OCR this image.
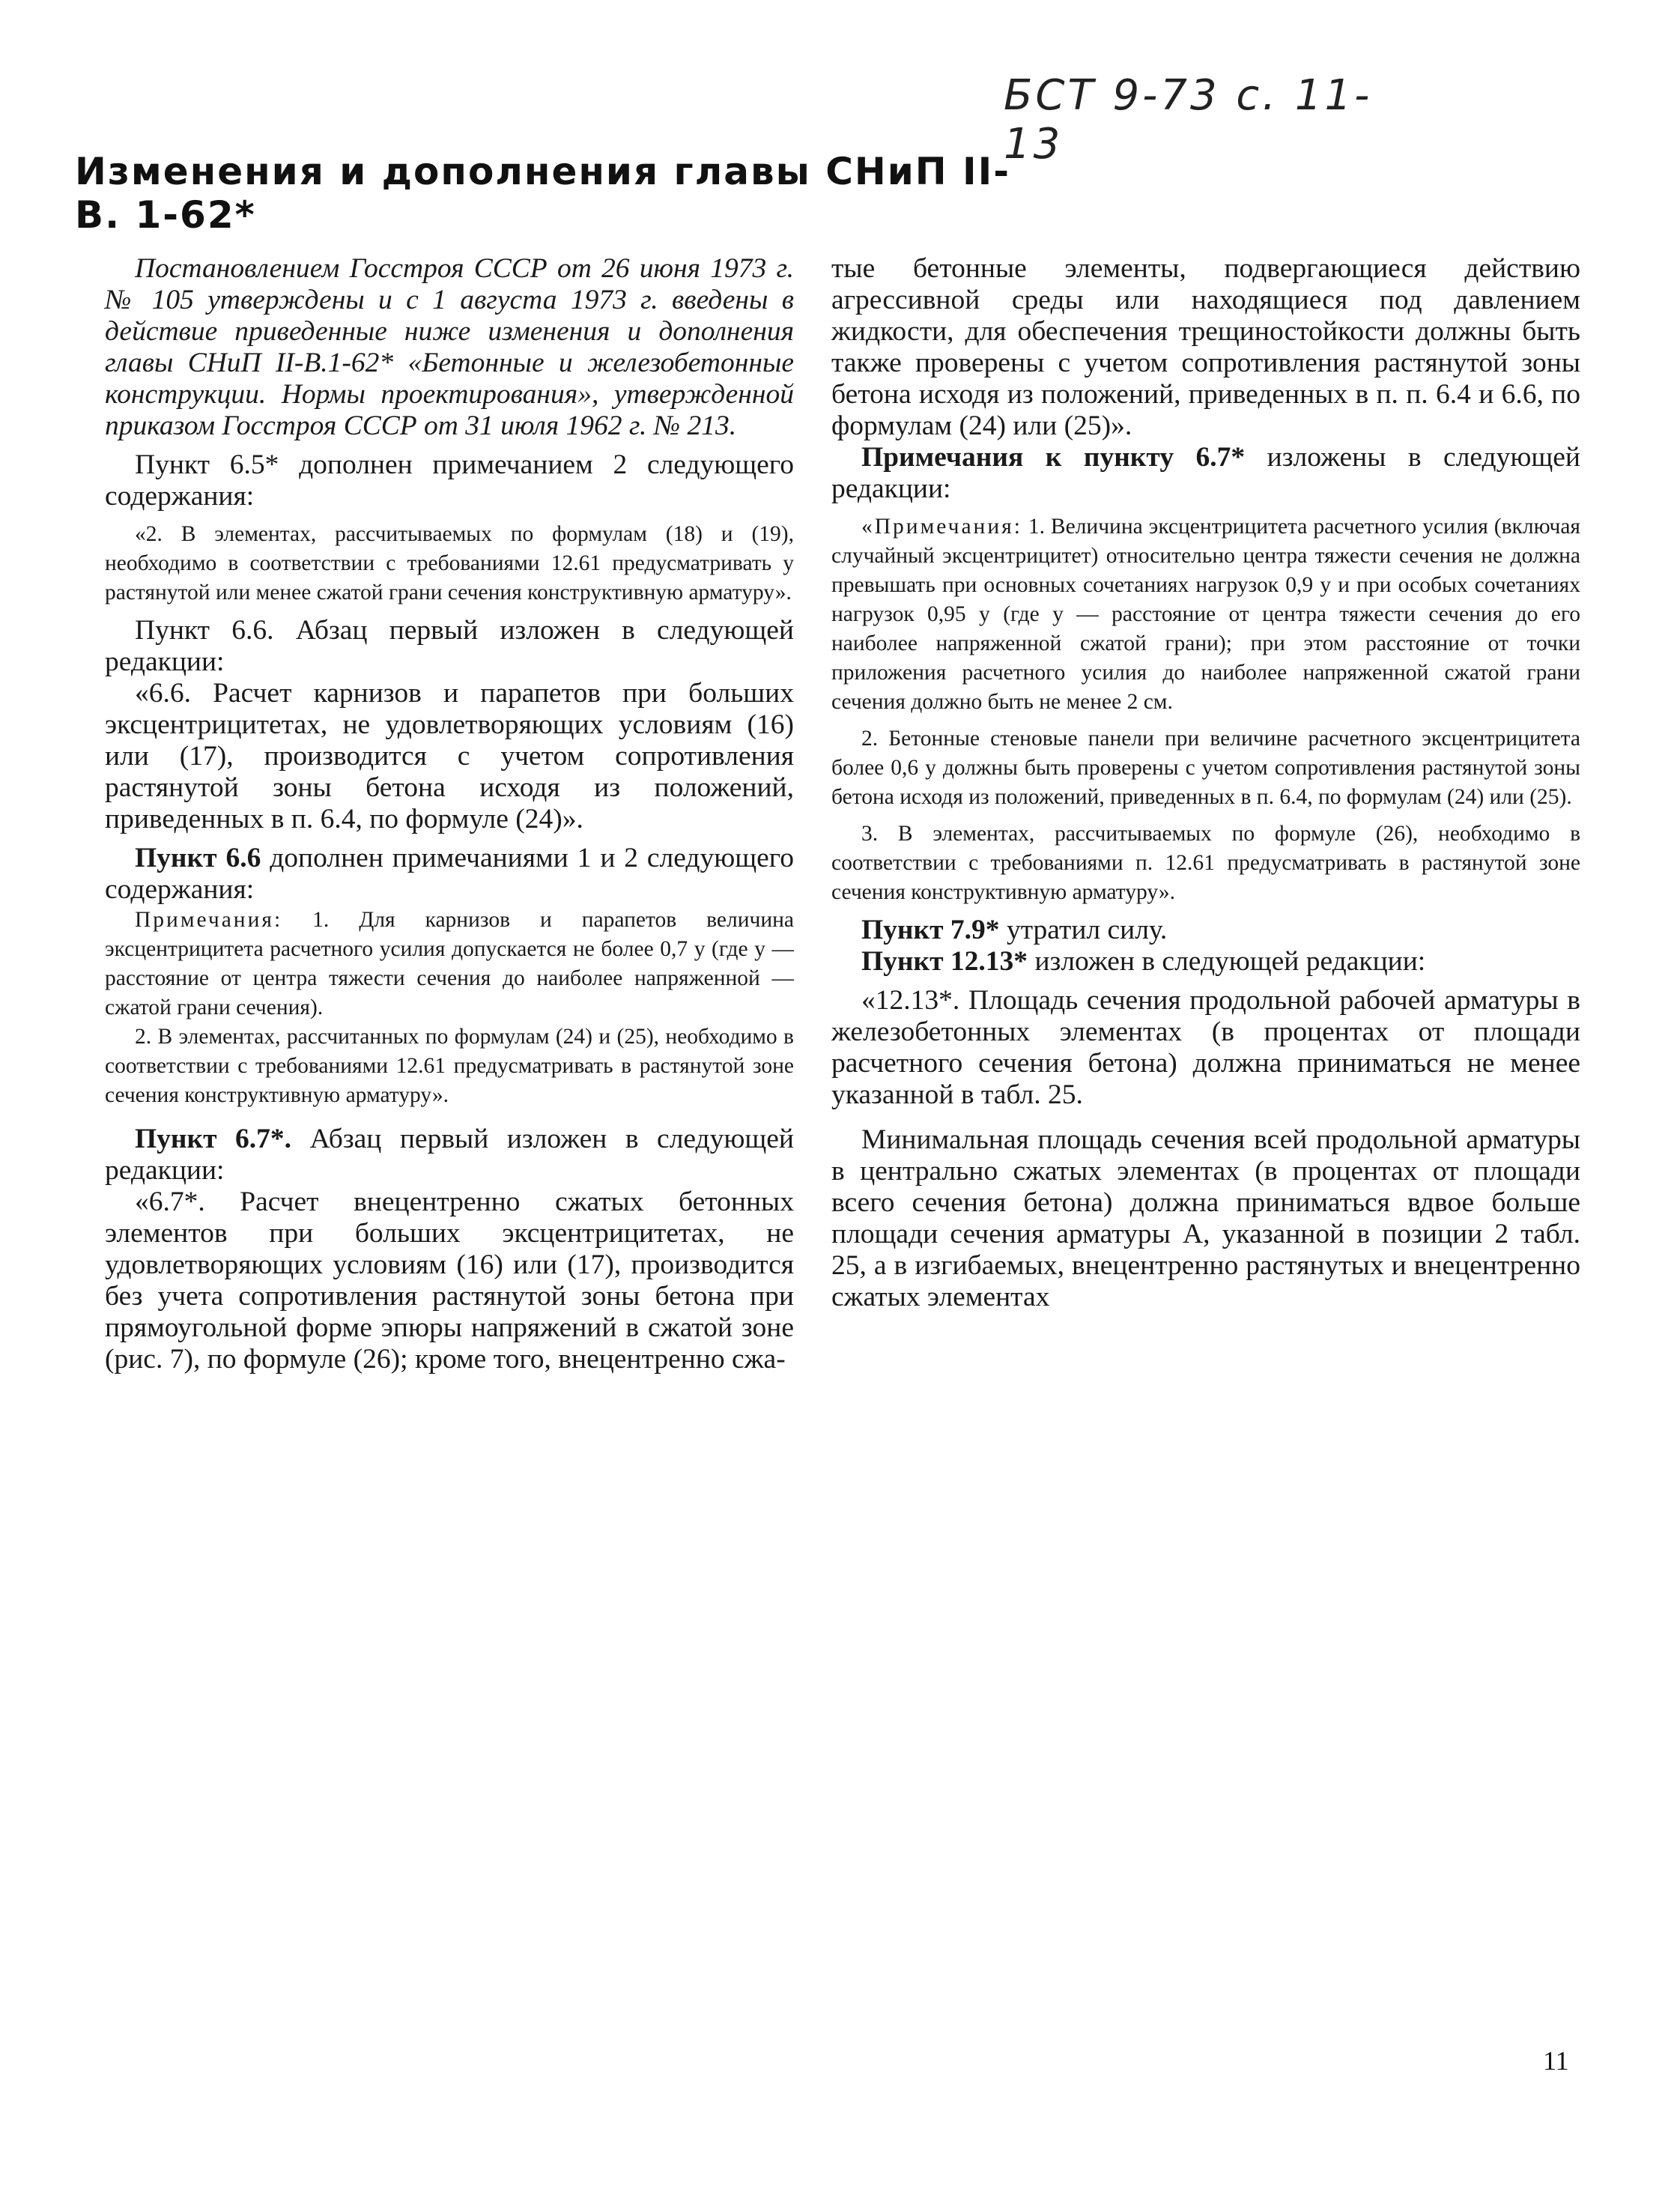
БСТ 9-73 с. 11-13
Изменения и дополнения главы СНиП II-В. 1-62*

Постановлением Госстроя СССР от 26 июня 1973 г. № 105 утверждены и с 1 августа 1973 г. введены в действие приведенные ниже изменения и дополнения главы СНиП II-В.1-62* «Бетонные и железобетонные конструкции. Нормы проектирования», утвержденной приказом Госстроя СССР от 31 июля 1962 г. № 213.

Пункт 6.5* дополнен примечанием 2 следующего содержания:

«2. В элементах, рассчитываемых по формулам (18) и (19), необходимо в соответствии с требованиями 12.61 предусматривать у растянутой или менее сжатой грани сечения конструктивную арматуру».

Пункт 6.6. Абзац первый изложен в следующей редакции:

«6.6. Расчет карнизов и парапетов при больших эксцентрицитетах, не удовлетворяющих условиям (16) или (17), производится с учетом сопротивления растянутой зоны бетона исходя из положений, приведенных в п. 6.4, по формуле (24)».

Пункт 6.6 дополнен примечаниями 1 и 2 следующего содержания:

Примечания: 1. Для карнизов и парапетов величина эксцентрицитета расчетного усилия допускается не более 0,7 у (где у — расстояние от центра тяжести сечения до наиболее напряженной — сжатой грани сечения).

2. В элементах, рассчитанных по формулам (24) и (25), необходимо в соответствии с требованиями 12.61 предусматривать в растянутой зоне сечения конструктивную арматуру».

Пункт 6.7*. Абзац первый изложен в следующей редакции:

«6.7*. Расчет внецентренно сжатых бетонных элементов при больших эксцентрицитетах, не удовлетворяющих условиям (16) или (17), производится без учета сопротивления растянутой зоны бетона при прямоугольной форме эпюры напряжений в сжатой зоне (рис. 7), по формуле (26); кроме того, внецентренно сжа-

тые бетонные элементы, подвергающиеся действию агрессивной среды или находящиеся под давлением жидкости, для обеспечения трещиностойкости должны быть также проверены с учетом сопротивления растянутой зоны бетона исходя из положений, приведенных в п. п. 6.4 и 6.6, по формулам (24) или (25)».

Примечания к пункту 6.7* изложены в следующей редакции:

«Примечания: 1. Величина эксцентрицитета расчетного усилия (включая случайный эксцентрицитет) относительно центра тяжести сечения не должна превышать при основных сочетаниях нагрузок 0,9 у и при особых сочетаниях нагрузок 0,95 у (где у — расстояние от центра тяжести сечения до его наиболее напряженной сжатой грани); при этом расстояние от точки приложения расчетного усилия до наиболее напряженной сжатой грани сечения должно быть не менее 2 см.

2. Бетонные стеновые панели при величине расчетного эксцентрицитета более 0,6 у должны быть проверены с учетом сопротивления растянутой зоны бетона исходя из положений, приведенных в п. 6.4, по формулам (24) или (25).

3. В элементах, рассчитываемых по формуле (26), необходимо в соответствии с требованиями п. 12.61 предусматривать в растянутой зоне сечения конструктивную арматуру».

Пункт 7.9* утратил силу.

Пункт 12.13* изложен в следующей редакции:

«12.13*. Площадь сечения продольной рабочей арматуры в железобетонных элементах (в процентах от площади расчетного сечения бетона) должна приниматься не менее указанной в табл. 25.

Минимальная площадь сечения всей продольной арматуры в центрально сжатых элементах (в процентах от площади всего сечения бетона) должна приниматься вдвое больше площади сечения арматуры А, указанной в позиции 2 табл. 25, а в изгибаемых, внецентренно растянутых и внецентренно сжатых элементах

11
